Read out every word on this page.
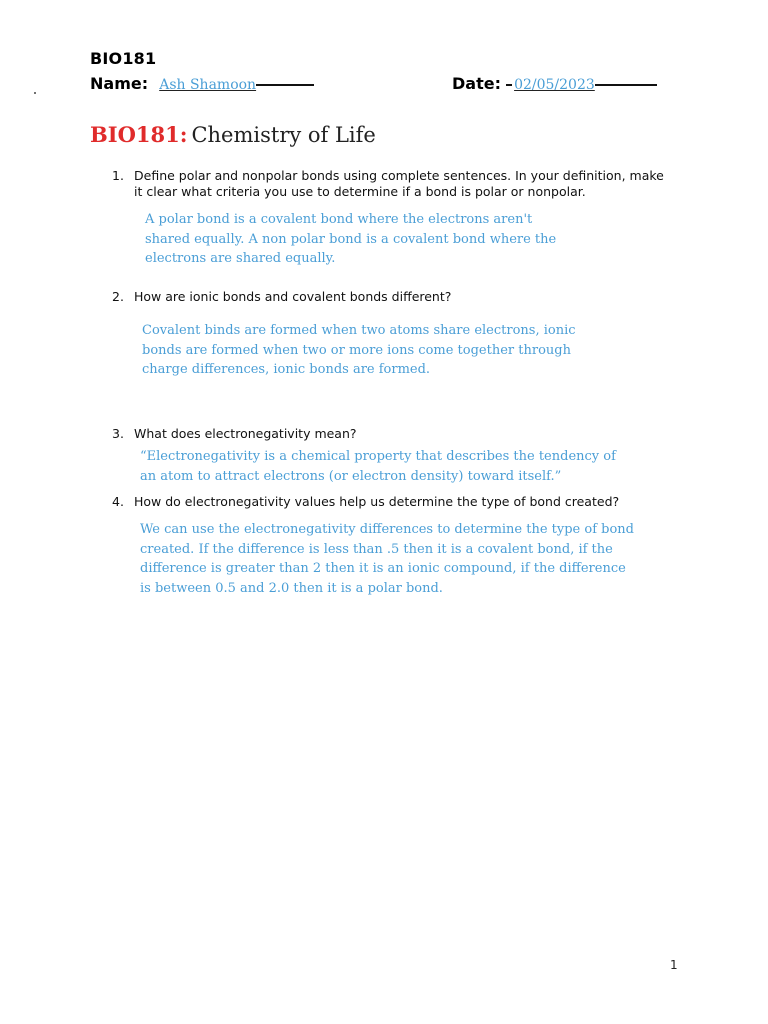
BIO181
Name: Ash Shamoon	Date: 02/05/2023
BIO181: Chemistry of Life
1. Define polar and nonpolar bonds using complete sentences. In your definition, make it clear what criteria you use to determine if a bond is polar or nonpolar.
A polar bond is a covalent bond where the electrons aren't shared equally. A non polar bond is a covalent bond where the electrons are shared equally.
2. How are ionic bonds and covalent bonds different?
Covalent binds are formed when two atoms share electrons, ionic bonds are formed when two or more ions come together through charge differences, ionic bonds are formed.
3. What does electronegativity mean?
“Electronegativity is a chemical property that describes the tendency of an atom to attract electrons (or electron density) toward itself.”
4. How do electronegativity values help us determine the type of bond created?
We can use the electronegativity differences to determine the type of bond created. If the difference is less than .5 then it is a covalent bond, if the difference is greater than 2 then it is an ionic compound, if the difference is between 0.5 and 2.0 then it is a polar bond.
1
